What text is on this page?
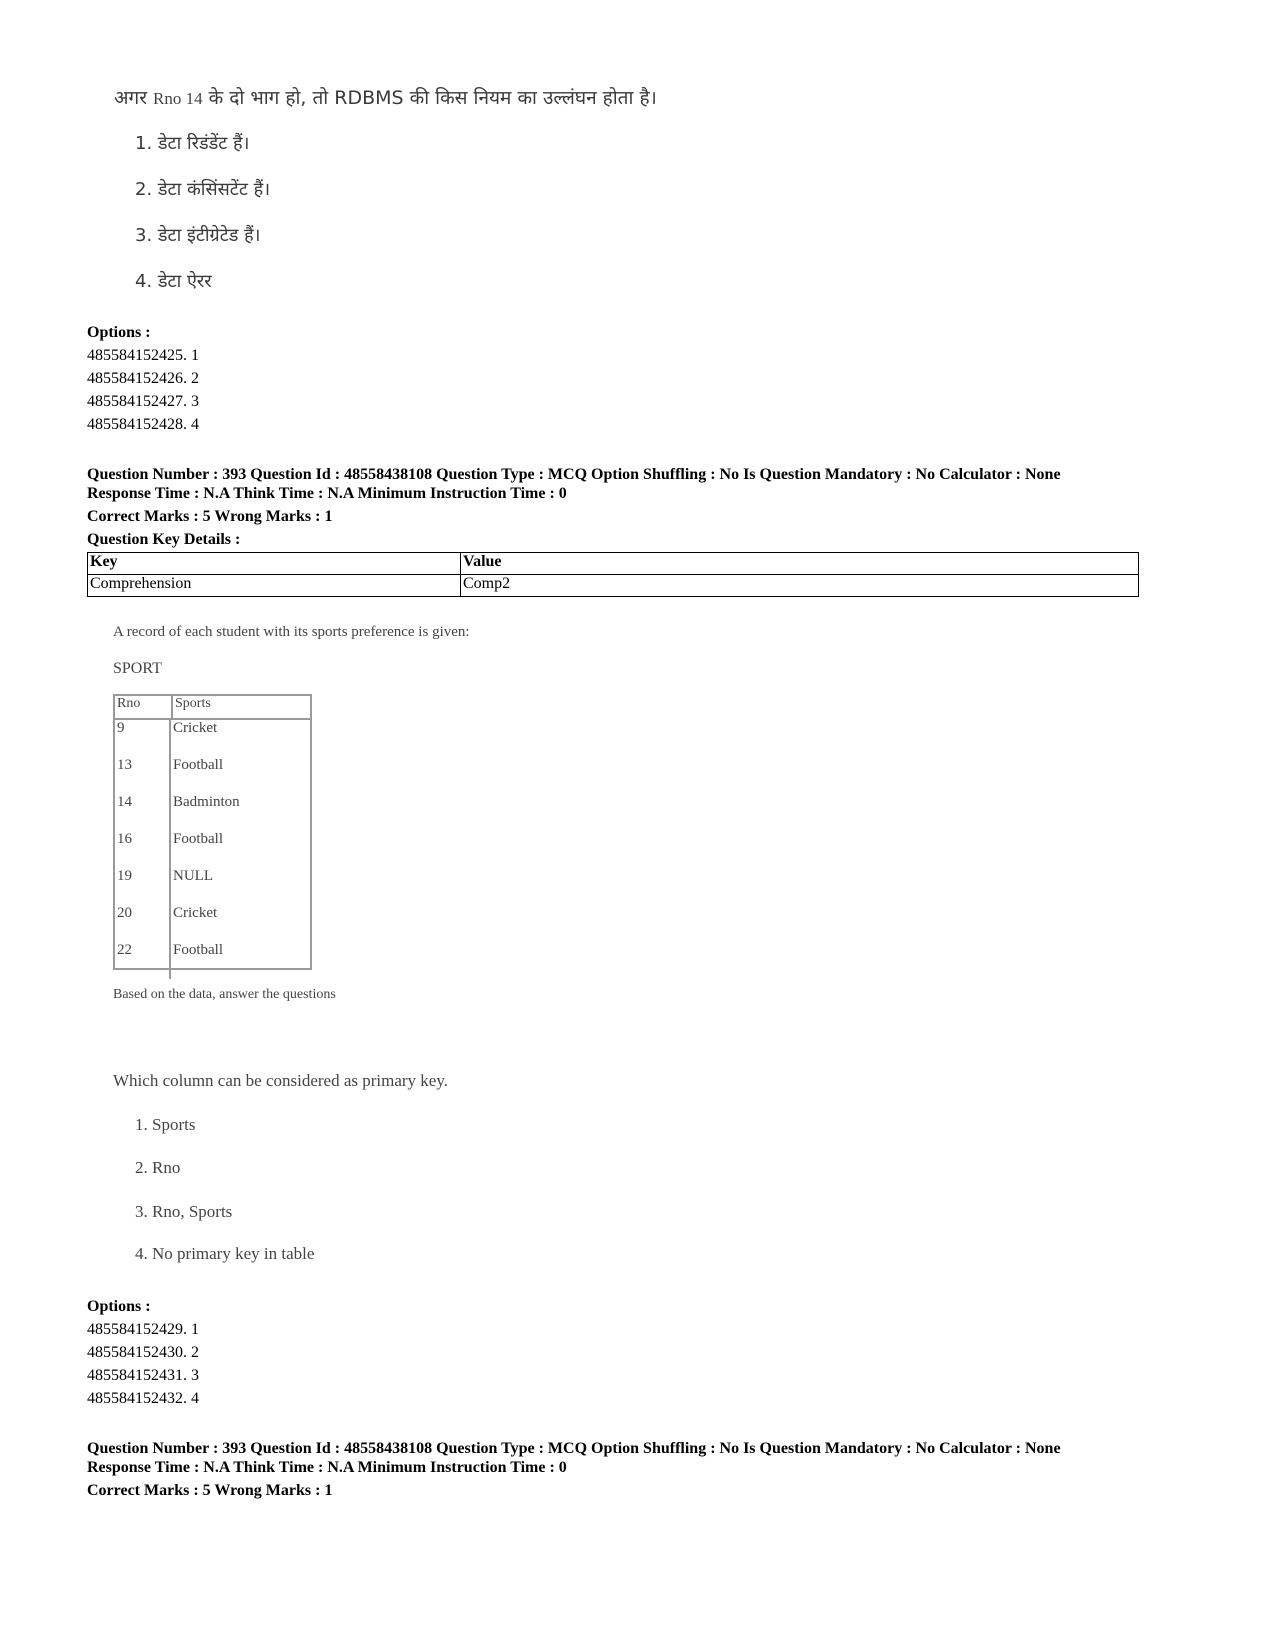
अगर Rno 14 के दो भाग हो, तो RDBMS की किस नियम का उल्लंघन होता है।
1. डेटा रिडंडेंट हैं।
2. डेटा कंसिंसटेंट हैं।
3. डेटा इंटीग्रेटेड हैं।
4. डेटा ऐरर
Options :
485584152425. 1
485584152426. 2
485584152427. 3
485584152428. 4
Question Number : 393 Question Id : 48558438108 Question Type : MCQ Option Shuffling : No Is Question Mandatory : No Calculator : None
Response Time : N.A Think Time : N.A Minimum Instruction Time : 0
Correct Marks : 5 Wrong Marks : 1
Question Key Details :
Key	Value
Comprehension	Comp2
A record of each student with its sports preference is given:
SPORT
Rno	Sports
9	Cricket
13	Football
14	Badminton
16	Football
19	NULL
20	Cricket
22	Football
Based on the data, answer the questions
Which column can be considered as primary key.
1. Sports
2. Rno
3. Rno, Sports
4. No primary key in table
Options :
485584152429. 1
485584152430. 2
485584152431. 3
485584152432. 4
Question Number : 393 Question Id : 48558438108 Question Type : MCQ Option Shuffling : No Is Question Mandatory : No Calculator : None
Response Time : N.A Think Time : N.A Minimum Instruction Time : 0
Correct Marks : 5 Wrong Marks : 1
